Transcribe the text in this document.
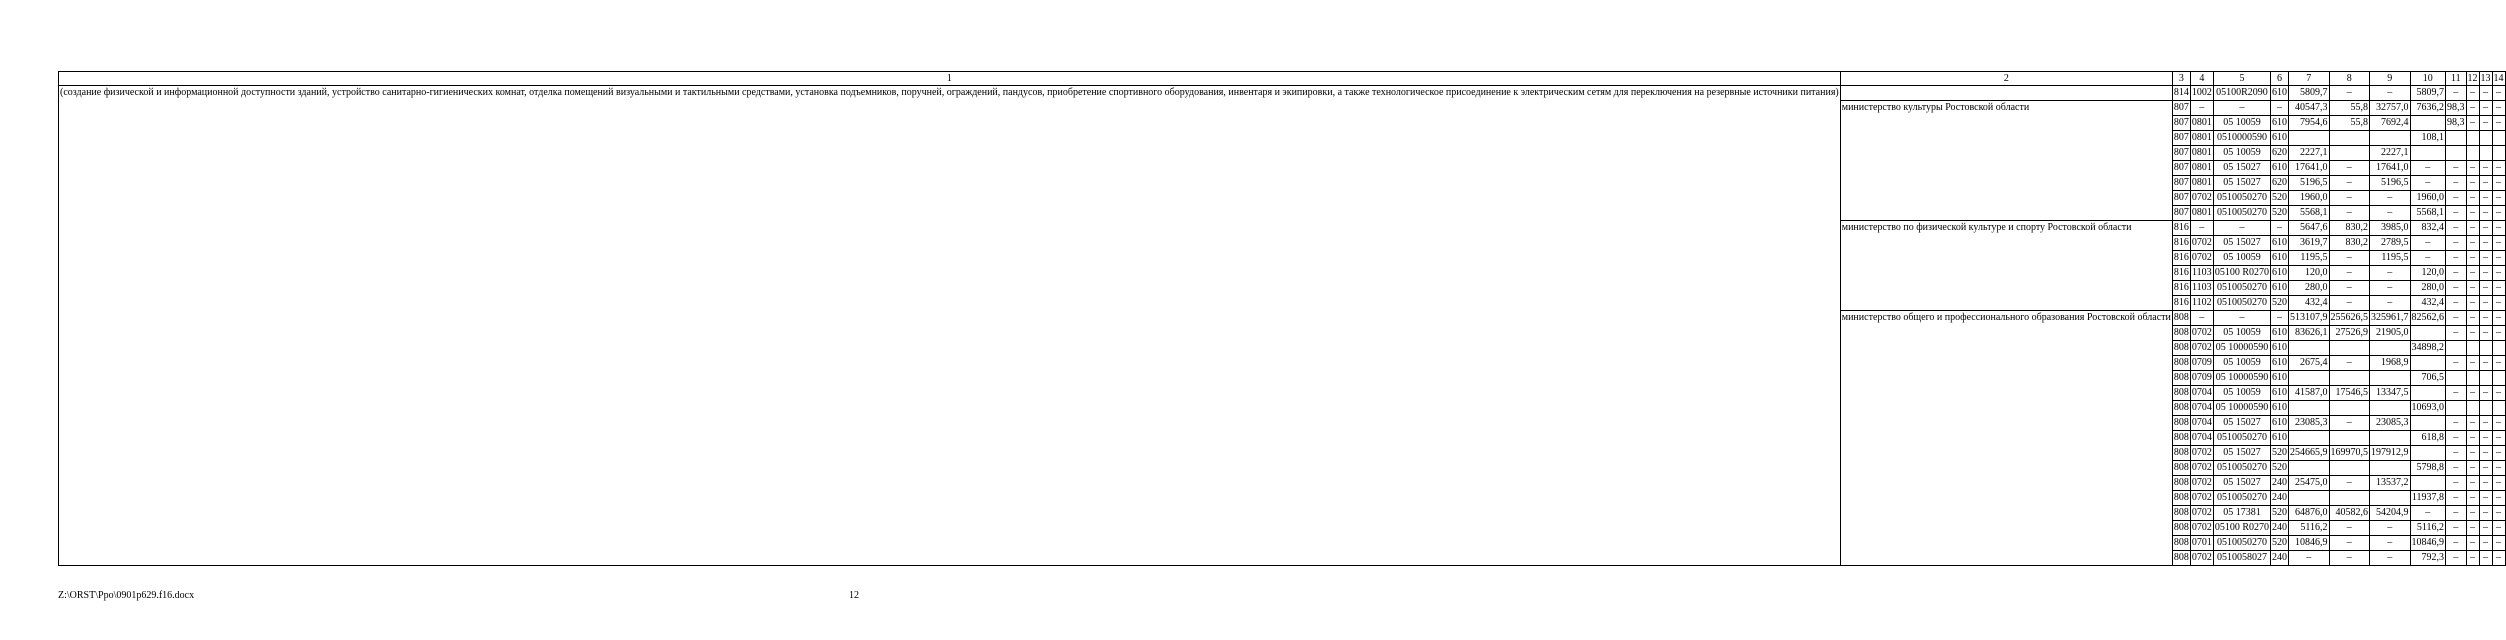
1	2	3	4	5	6	7	8	9	10	11	12	13	14
(создание физической и информационной доступности зданий, устройство санитарно-гигиенических комнат, отделка помещений визуальными и тактильными средствами, установка подъемников, поручней, ограждений, пандусов, приобретение спортивного оборудования, инвентаря и экипировки, а также технологическое присоединение к электрическим сетям для переключения на резервные источники питания)		814	1002	05100R2090	610	5809,7	–	–	5809,7	–	–	–	–
	министерство культуры Ростовской области	807	–	–	–	40547,3	55,8	32757,0	7636,2	98,3	–	–	–
		807	0801	05 10059	610	7954,6	55,8	7692,4		98,3	–	–	–
		807	0801	0510000590	610				108,1				
		807	0801	05 10059	620	2227,1		2227,1					
		807	0801	05 15027	610	17641,0	–	17641,0	–	–	–	–	–
		807	0801	05 15027	620	5196,5	–	5196,5	–	–	–	–	–
		807	0702	0510050270	520	1960,0	–	–	1960,0	–	–	–	–
		807	0801	0510050270	520	5568,1	–	–	5568,1	–	–	–	–
	министерство по физической культуре и спорту Ростовской области	816	–	–	–	5647,6	830,2	3985,0	832,4	–	–	–	–
		816	0702	05 15027	610	3619,7	830,2	2789,5	–	–	–	–	–
		816	0702	05 10059	610	1195,5	–	1195,5	–	–	–	–	–
		816	1103	05100 R0270	610	120,0	–	–	120,0	–	–	–	–
		816	1103	0510050270	610	280,0	–	–	280,0	–	–	–	–
		816	1102	0510050270	520	432,4	–	–	432,4	–	–	–	–
	министерство общего и профессионального образования Ростовской области	808	–	–	–	513107,9	255626,5	325961,7	82562,6	–	–	–	–
		808	0702	05 10059	610	83626,1	27526,9	21905,0		–	–	–	–
		808	0702	05 10000590	610				34898,2				
		808	0709	05 10059	610	2675,4	–	1968,9		–	–	–	–
		808	0709	05 10000590	610				706,5				
		808	0704	05 10059	610	41587,0	17546,5	13347,5		–	–	–	–
		808	0704	05 10000590	610				10693,0				
		808	0704	05 15027	610	23085,3	–	23085,3		–	–	–	–
		808	0704	0510050270	610				618,8	–	–	–	–
		808	0702	05 15027	520	254665,9	169970,5	197912,9		–	–	–	–
		808	0702	0510050270	520				5798,8	–	–	–	–
		808	0702	05 15027	240	25475,0	–	13537,2		–	–	–	–
		808	0702	0510050270	240				11937,8	–	–	–	–
		808	0702	05 17381	520	64876,0	40582,6	54204,9	–	–	–	–	–
		808	0702	05100 R0270	240	5116,2	–	–	5116,2	–	–	–	–
		808	0701	0510050270	520	10846,9	–	–	10846,9	–	–	–	–
		808	0702	0510058027	240	–	–	–	792,3	–	–	–	–
Z:\ORST\Ppo\0901p629.f16.docx	12
